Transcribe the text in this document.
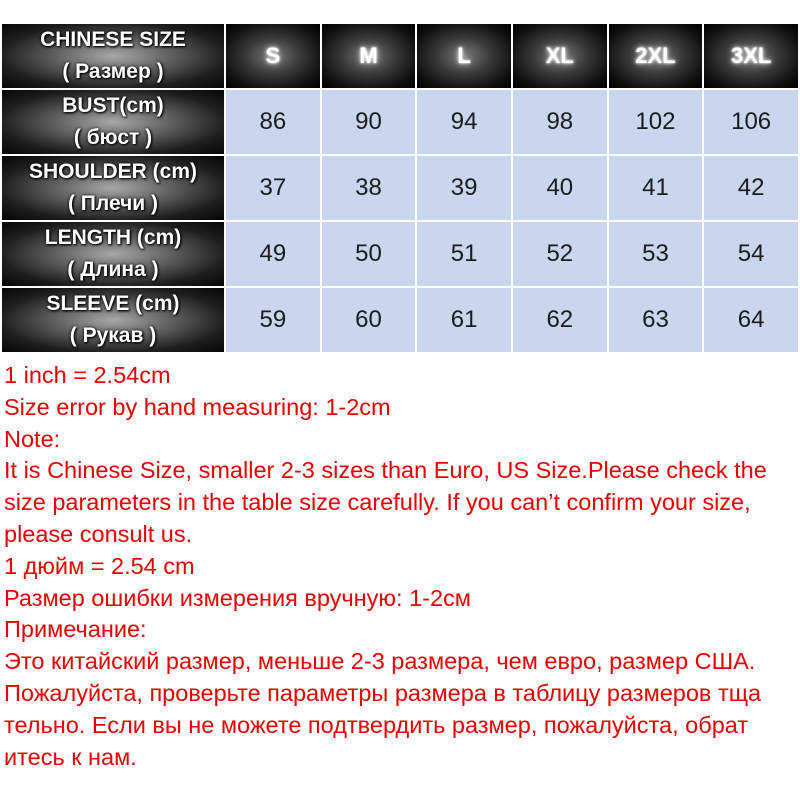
CHINESE SIZE
( Размер )	S	M	L	XL	2XL	3XL

BUST(cm)
( бюст )	86	90	94	98	102	106

SHOULDER (cm)
( Плечи )	37	38	39	40	41	42

LENGTH (cm)
( Длина )	49	50	51	52	53	54

SLEEVE (cm)
( Рукав )	59	60	61	62	63	64
1 inch = 2.54cm
Size error by hand measuring: 1-2cm
Note:
It is Chinese Size, smaller 2-3 sizes than Euro, US Size.Please check the size parameters in the table size carefully. If you can’t confirm your size, please consult us.
1 дюйм = 2.54 cm
Размер ошибки измерения вручную: 1-2см
Примечание:
Это китайский размер, меньше 2-3 размера, чем евро, размер США.
Пожалуйста, проверьте параметры размера в таблицу размеров тща
тельно. Если вы не можете подтвердить размер, пожалуйста, обрат
итесь к нам.
